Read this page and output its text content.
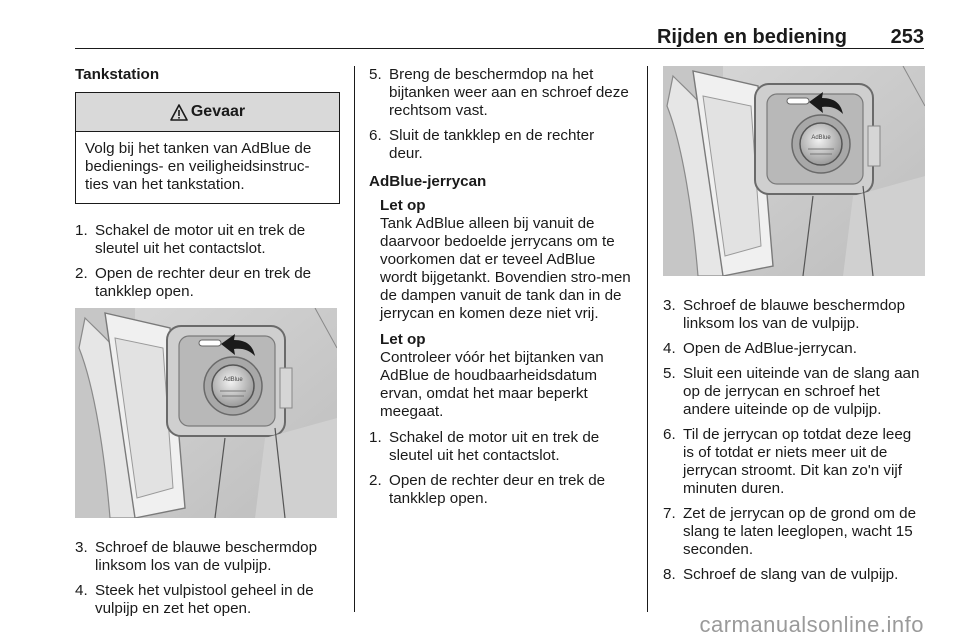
Rijden en bediening 253
Tankstation
Gevaar
Volg bij het tanken van AdBlue de bedienings- en veiligheidsinstruc-ties van het tankstation.
1. Schakel de motor uit en trek de sleutel uit het contactslot.
2. Open de rechter deur en trek de tankklep open.
3. Schroef de blauwe beschermdop linksom los van de vulpijp.
4. Steek het vulpistool geheel in de vulpijp en zet het open.
5. Breng de beschermdop na het bijtanken weer aan en schroef deze rechtsom vast.
6. Sluit de tankklep en de rechter deur.
AdBlue-jerrycan
Let op
Tank AdBlue alleen bij vanuit de daarvoor bedoelde jerrycans om te voorkomen dat er teveel AdBlue wordt bijgetankt. Bovendien stro-men de dampen vanuit de tank dan in de jerrycan en komen deze niet vrij.
Let op
Controleer vóór het bijtanken van AdBlue de houdbaarheidsdatum ervan, omdat het maar beperkt meegaat.
1. Schakel de motor uit en trek de sleutel uit het contactslot.
2. Open de rechter deur en trek de tankklep open.
3. Schroef de blauwe beschermdop linksom los van de vulpijp.
4. Open de AdBlue-jerrycan.
5. Sluit een uiteinde van de slang aan op de jerrycan en schroef het andere uiteinde op de vulpijp.
6. Til de jerrycan op totdat deze leeg is of totdat er niets meer uit de jerrycan stroomt. Dit kan zo'n vijf minuten duren.
7. Zet de jerrycan op de grond om de slang te laten leeglopen, wacht 15 seconden.
8. Schroef de slang van de vulpijp.
carmanualsonline.info
